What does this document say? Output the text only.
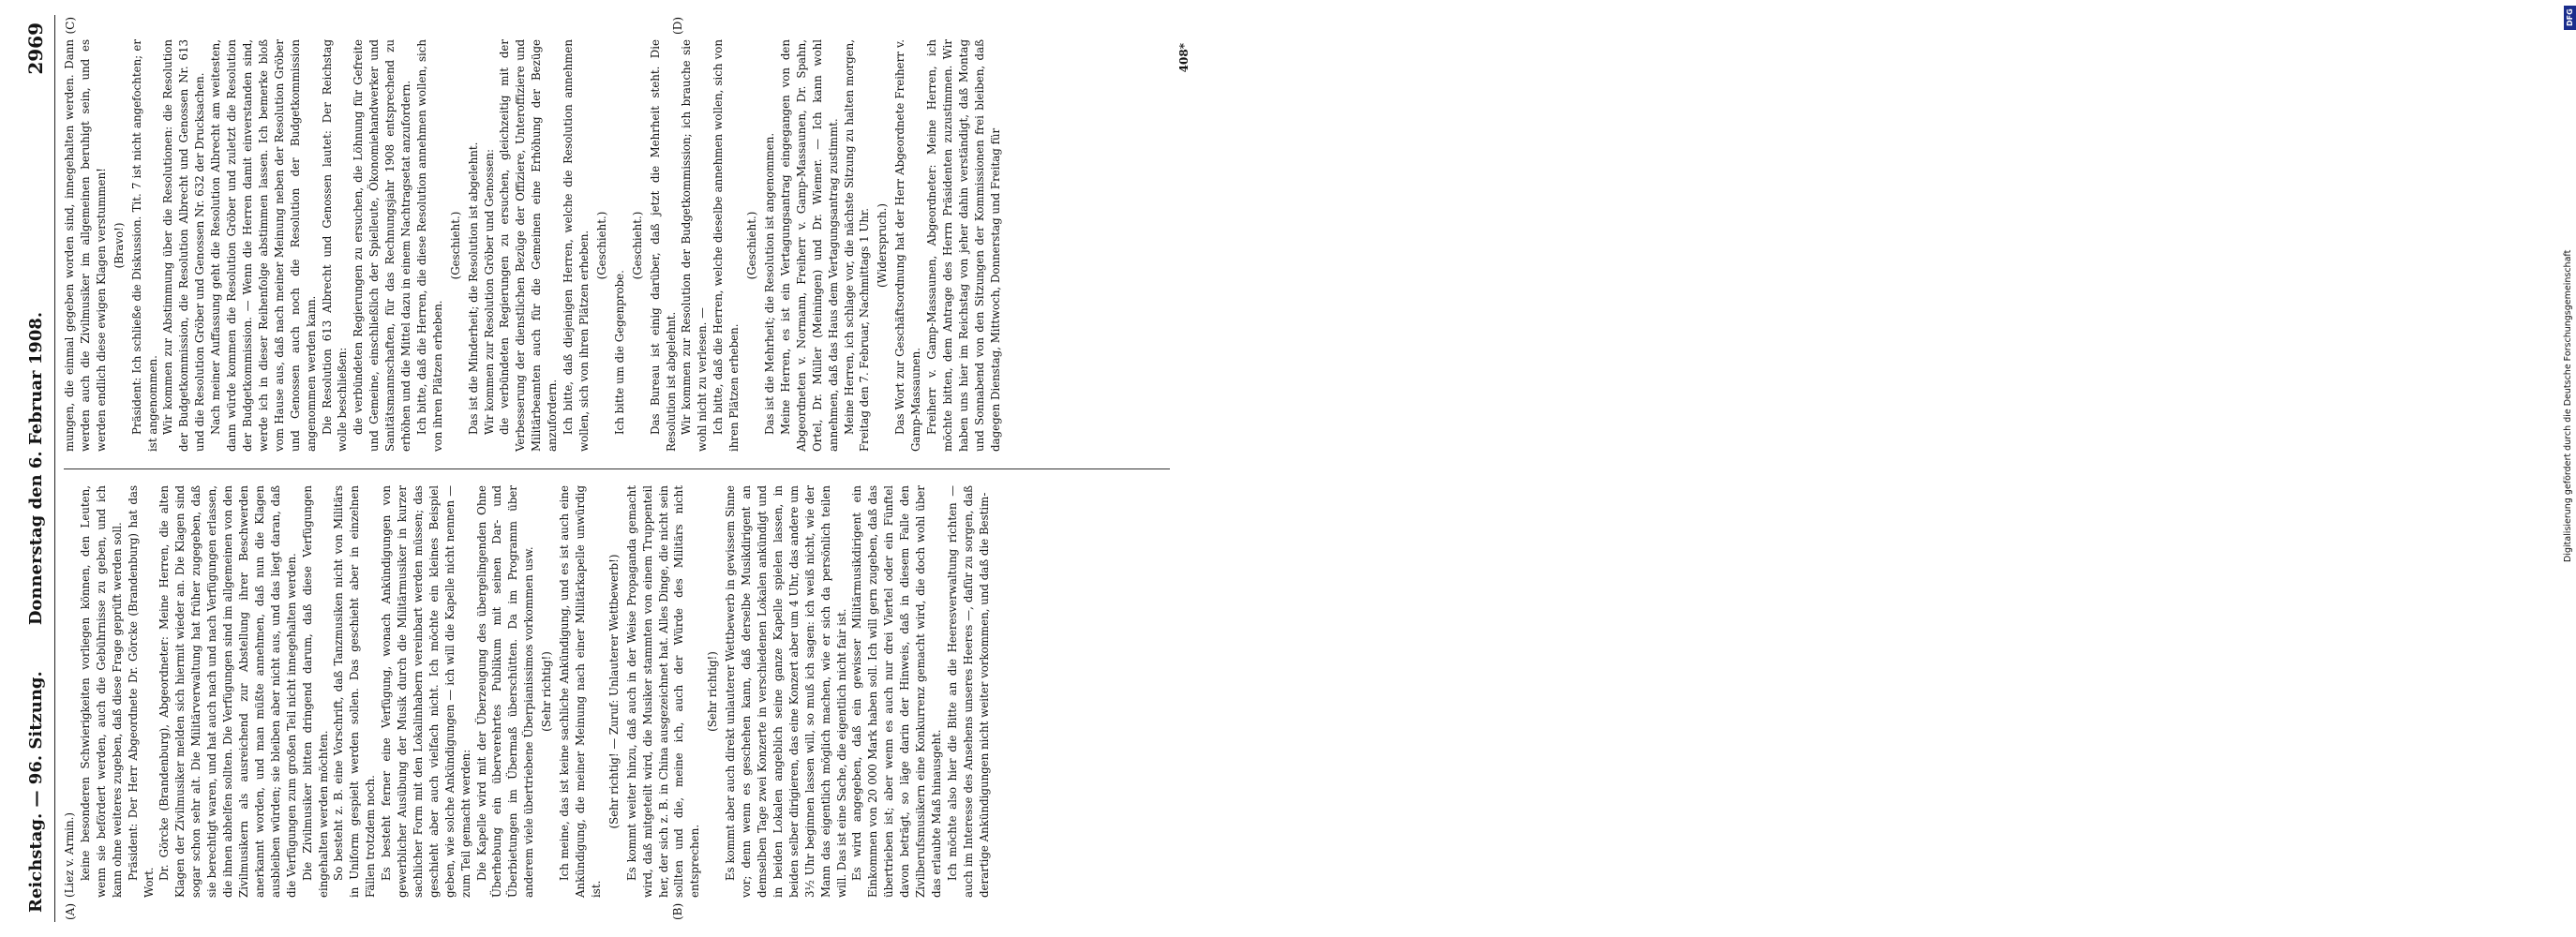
Reichstag. — 96. Sitzung.
Donnerstag den 6. Februar 1908.
2969
(A)	(B)
(C)	(D)

(Liez v. Armin.) keine besonderen Schwierigkeiten vorliegen können, den Leuten, wenn sie befördert werden, auch die Gebührnisse zu geben, und ich kann ohne weiteres zugeben, daß diese Frage geprüft werden soll. Präsident: Der Herr Abgeordnete Dr. Görcke (Brandenburg) hat das Wort.

Dr. Görcke (Brandenburg), Abgeordneter: Meine Herren, die alten Klagen der Zivilmusiker melden sich hiermit wieder an. Die Klagen sind sogar schon sehr alt. Die Militärverwaltung hat früher zugegeben, daß sie berechtigt waren, und hat auch nach und nach Verfügungen erlassen, die ihnen abhelfen sollten. Die Verfügungen sind im allgemeinen von den Zivilmusikern als ausreichend zur Abstellung ihrer Beschwerden anerkannt worden, und man müßte annehmen, daß nun die Klagen ausbleiben würden; sie bleiben aber nicht aus, und das liegt daran, daß die Verfügungen zum großen Teil nicht innegehalten werden. Die Zivilmusiker bitten dringend darum, daß diese Verfügungen eingehalten werden möchten. So besteht z. B. eine Vorschrift, daß Tanzmusiken nicht von Militärs in Uniform gespielt werden sollen. Das geschieht aber in einzelnen Fällen trotzdem noch. Es besteht ferner eine Verfügung, wonach Ankündigungen von gewerblicher Ausübung der Musik durch die Militärmusiker in kurzer sachlicher Form mit den Lokalinhabern vereinbart werden müssen; das geschieht aber auch vielfach nicht. Ich möchte ein kleines Beispiel geben, wie solche Ankündigungen — ich will die Kapelle nicht nennen — zum Teil gemacht werden: Die Kapelle wird mit der Überzeugung des übergelingenden Ohne Überhebung ein überverehrtes Publikum mit seinen Dar- und Überbietungen im Übermaß überschütten. Da im Programm über anderem viele übertriebene Überpianissimos vorkommen usw. (Sehr richtig!) Ich meine, das ist keine sachliche Ankündigung, und es ist auch eine Ankündigung, die meiner Meinung nach einer Militärkapelle unwürdig ist.

(Sehr richtig! — Zuruf: Unlauterer Wettbewerb!) Es kommt weiter hinzu, daß auch in der Weise Propaganda gemacht wird, daß mitgeteilt wird, die Musiker stammten von einem Truppenteil her, der sich z. B. in China ausgezeichnet hat. Alles Dinge, die nicht sein sollten und die, meine ich, auch der Würde des Militärs nicht entsprechen.

(Sehr richtig!) Es kommt aber auch direkt unlauterer Wettbewerb in gewissem Sinne vor; denn wenn es geschehen kann, daß derselbe Musikdirigent an demselben Tage zwei Konzerte in verschiedenen Lokalen ankündigt und in beiden Lokalen angeblich seine ganze Kapelle spielen lassen, in beiden selber dirigieren, das eine Konzert aber um 4 Uhr, das andere um 3½ Uhr beginnen lassen will, so muß ich sagen: ich weiß nicht, wie der Mann das eigentlich möglich machen, wie er sich da persönlich teilen will. Das ist eine Sache, die eigentlich nicht fair ist. Es wird angegeben, daß ein gewisser Militärmusikdirigent ein Einkommen von 20 000 Mark haben soll. Ich will gern zugeben, daß das übertrieben ist; aber wenn es auch nur drei Viertel oder ein Fünftel davon beträgt, so läge darin der Hinweis, daß in diesem Falle den Zivilberufsmusikern eine Konkurrenz gemacht wird, die doch wohl über das erlaubte Maß hinausgeht. Ich möchte also hier die Bitte an die Heeresverwaltung richten — auch im Interesse des Ansehens unseres Heeres —, dafür zu sorgen, daß derartige Ankündigungen nicht weiter vorkommen, und daß die Bestim-

mungen, die einmal gegeben worden sind, innegehalten werden. Dann werden auch die Zivilmusiker im allgemeinen beruhigt sein, und es werden endlich diese ewigen Klagen verstummen! (Bravo!) Präsident: Ich schließe die Diskussion. Tit. 7 ist nicht angefochten; er ist angenommen. Wir kommen zur Abstimmung über die Resolutionen: die Resolution der Budgetkommission, die Resolution Albrecht und Genossen Nr. 613 und die Resolution Gröber und Genossen Nr. 632 der Drucksachen. Nach meiner Auffassung geht die Resolution Albrecht am weitesten, dann würde kommen die Resolution Gröber und zuletzt die Resolution der Budgetkommission. — Wenn die Herren damit einverstanden sind, werde ich in dieser Reihenfolge abstimmen lassen. Ich bemerke bloß vom Hause aus, daß nach meiner Meinung neben der Resolution Gröber und Genossen auch noch die Resolution der Budgetkommission angenommen werden kann. Die Resolution 613 Albrecht und Genossen lautet: Der Reichstag wolle beschließen: die verbündeten Regierungen zu ersuchen, die Löhnung für Gefreite und Gemeine, einschließlich der Spielleute, Ökonomiehandwerker und Sanitätsmannschaften, für das Rechnungsjahr 1908 entsprechend zu erhöhen und die Mittel dazu in einem Nachtragsetat anzufordern. Ich bitte, daß die Herren, die diese Resolution annehmen wollen, sich von ihren Plätzen erheben.

(Geschieht.) Das ist die Minderheit; die Resolution ist abgelehnt. Wir kommen zur Resolution Gröber und Genossen: die verbündeten Regierungen zu ersuchen, gleichzeitig mit der Verbesserung der dienstlichen Bezüge der Offiziere, Unteroffiziere und Militärbeamten auch für die Gemeinen eine Erhöhung der Bezüge anzufordern. Ich bitte, daß diejenigen Herren, welche die Resolution annehmen wollen, sich von ihren Plätzen erheben. (Geschieht.)

Ich bitte um die Gegenprobe.

(Geschieht.) Das Bureau ist einig darüber, daß jetzt die Mehrheit steht. Die Resolution ist abgelehnt. Wir kommen zur Resolution der Budgetkommission; ich brauche sie wohl nicht zu verlesen. — Ich bitte, daß die Herren, welche dieselbe annehmen wollen, sich von ihren Plätzen erheben.

(Geschieht.) Das ist die Mehrheit; die Resolution ist angenommen. Meine Herren, es ist ein Vertagungsantrag eingegangen von den Abgeordneten v. Normann, Freiherr v. Gamp-Massaunen, Dr. Spahn, Ortel, Dr. Müller (Meiningen) und Dr. Wiemer. — Ich kann wohl annehmen, daß das Haus dem Vertagungsantrag zustimmt. Meine Herren, ich schlage vor, die nächste Sitzung zu halten morgen, Freitag den 7. Februar, Nachmittags 1 Uhr. (Widerspruch.) Das Wort zur Geschäftsordnung hat der Herr Abgeordnete Freiherr v. Gamp-Massaunen. Freiherr v. Gamp-Massaunen, Abgeordneter: Meine Herren, ich möchte bitten, dem Antrage des Herrn Präsidenten zuzustimmen. Wir haben uns hier im Reichstag von jeher dahin verständigt, daß Montag und Sonnabend von den Sitzungen der Kommissionen frei bleiben, daß dagegen Dienstag, Mittwoch, Donnerstag und Freitag für

408*
DFG
Digitalisierung gefördert durch die Deutsche Forschungsgemeinschaft
